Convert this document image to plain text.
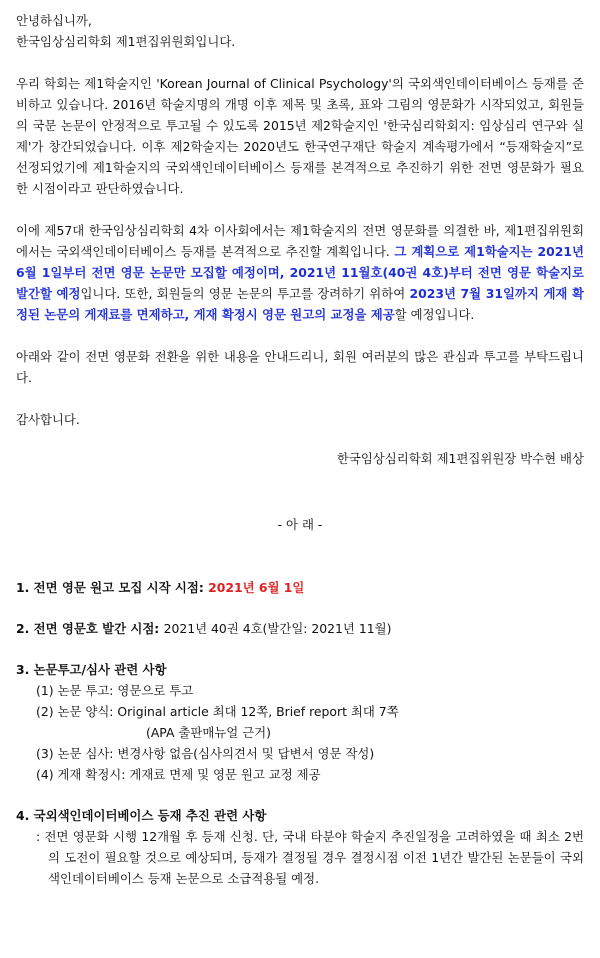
안녕하십니까,

한국임상심리학회 제1편집위원회입니다.

우리 학회는 제1학술지인 'Korean Journal of Clinical Psychology'의 국외색인데이터베이스 등재를 준비하고 있습니다. 2016년 학술지명의 개명 이후 제목 및 초록, 표와 그림의 영문화가 시작되었고, 회원들의 국문 논문이 안정적으로 투고될 수 있도록 2015년 제2학술지인 '한국심리학회지: 임상심리 연구와 실제'가 창간되었습니다. 이후 제2학술지는 2020년도 한국연구재단 학술지 계속평가에서 “등재학술지”로 선정되었기에 제1학술지의 국외색인데이터베이스 등재를 본격적으로 추진하기 위한 전면 영문화가 필요한 시점이라고 판단하였습니다.

이에 제57대 한국임상심리학회 4차 이사회에서는 제1학술지의 전면 영문화를 의결한 바, 제1편집위원회에서는 국외색인데이터베이스 등재를 본격적으로 추진할 계획입니다. 그 계획으로 제1학술지는 2021년 6월 1일부터 전면 영문 논문만 모집할 예정이며, 2021년 11월호(40권 4호)부터 전면 영문 학술지로 발간할 예정입니다. 또한, 회원들의 영문 논문의 투고를 장려하기 위하여 2023년 7월 31일까지 게재 확정된 논문의 게재료를 면제하고, 게재 확정시 영문 원고의 교정을 제공할 예정입니다.

아래와 같이 전면 영문화 전환을 위한 내용을 안내드리니, 회원 여러분의 많은 관심과 투고를 부탁드립니다.

감사합니다.

한국임상심리학회 제1편집위원장 박수현 배상

- 아 래 -

1. 전면 영문 원고 모집 시작 시점: 2021년 6월 1일

2. 전면 영문호 발간 시점: 2021년 40권 4호(발간일: 2021년 11월)

3. 논문투고/심사 관련 사항

(1) 논문 투고: 영문으로 투고

(2) 논문 양식: Original article 최대 12쪽, Brief report 최대 7쪽

(APA 출판매뉴얼 근거)

(3) 논문 심사: 변경사항 없음(심사의견서 및 답변서 영문 작성)

(4) 게재 확정시: 게재료 면제 및 영문 원고 교정 제공

4. 국외색인데이터베이스 등재 추진 관련 사항

: 전면 영문화 시행 12개월 후 등재 신청. 단, 국내 타분야 학술지 추진일정을 고려하였을 때 최소 2번의 도전이 필요할 것으로 예상되며, 등재가 결정될 경우 결정시점 이전 1년간 발간된 논문들이 국외색인데이터베이스 등재 논문으로 소급적용될 예정.
